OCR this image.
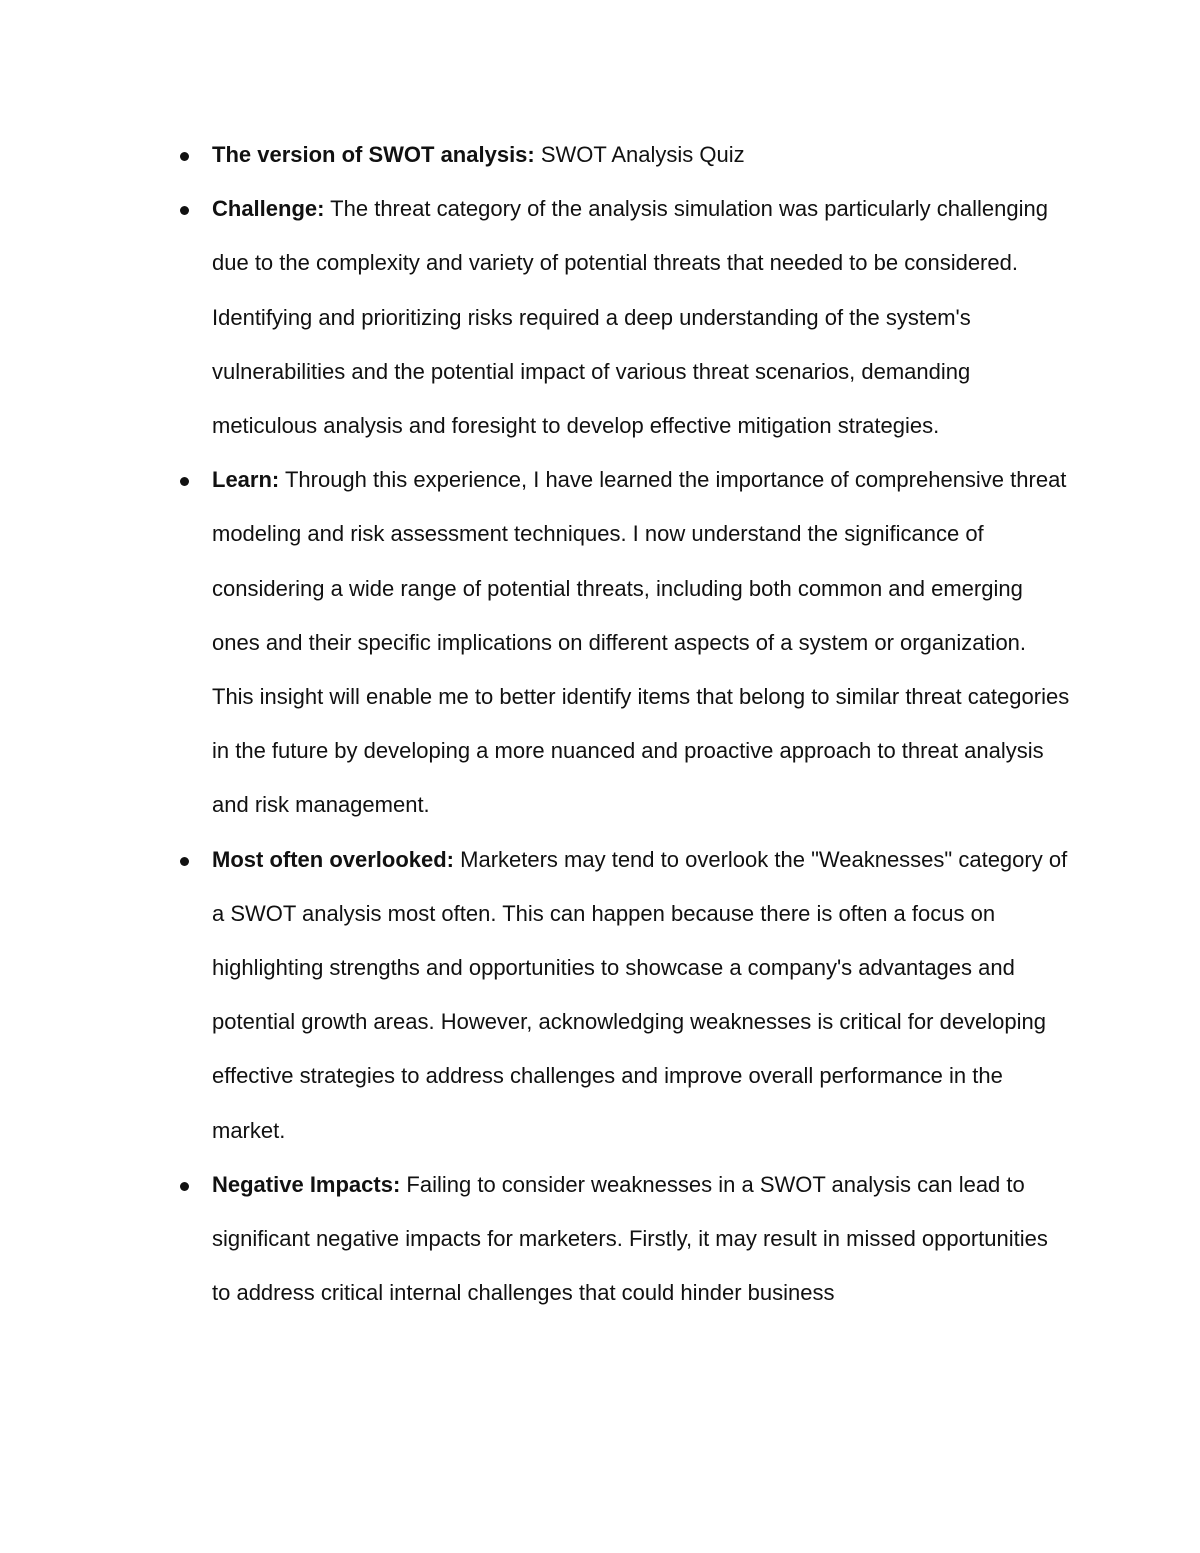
The version of SWOT analysis: SWOT Analysis Quiz
Challenge: The threat category of the analysis simulation was particularly challenging due to the complexity and variety of potential threats that needed to be considered. Identifying and prioritizing risks required a deep understanding of the system's vulnerabilities and the potential impact of various threat scenarios, demanding meticulous analysis and foresight to develop effective mitigation strategies.
Learn: Through this experience, I have learned the importance of comprehensive threat modeling and risk assessment techniques. I now understand the significance of considering a wide range of potential threats, including both common and emerging ones and their specific implications on different aspects of a system or organization. This insight will enable me to better identify items that belong to similar threat categories in the future by developing a more nuanced and proactive approach to threat analysis and risk management.
Most often overlooked: Marketers may tend to overlook the "Weaknesses" category of a SWOT analysis most often. This can happen because there is often a focus on highlighting strengths and opportunities to showcase a company's advantages and potential growth areas. However, acknowledging weaknesses is critical for developing effective strategies to address challenges and improve overall performance in the market.
Negative Impacts: Failing to consider weaknesses in a SWOT analysis can lead to significant negative impacts for marketers. Firstly, it may result in missed opportunities to address critical internal challenges that could hinder business
